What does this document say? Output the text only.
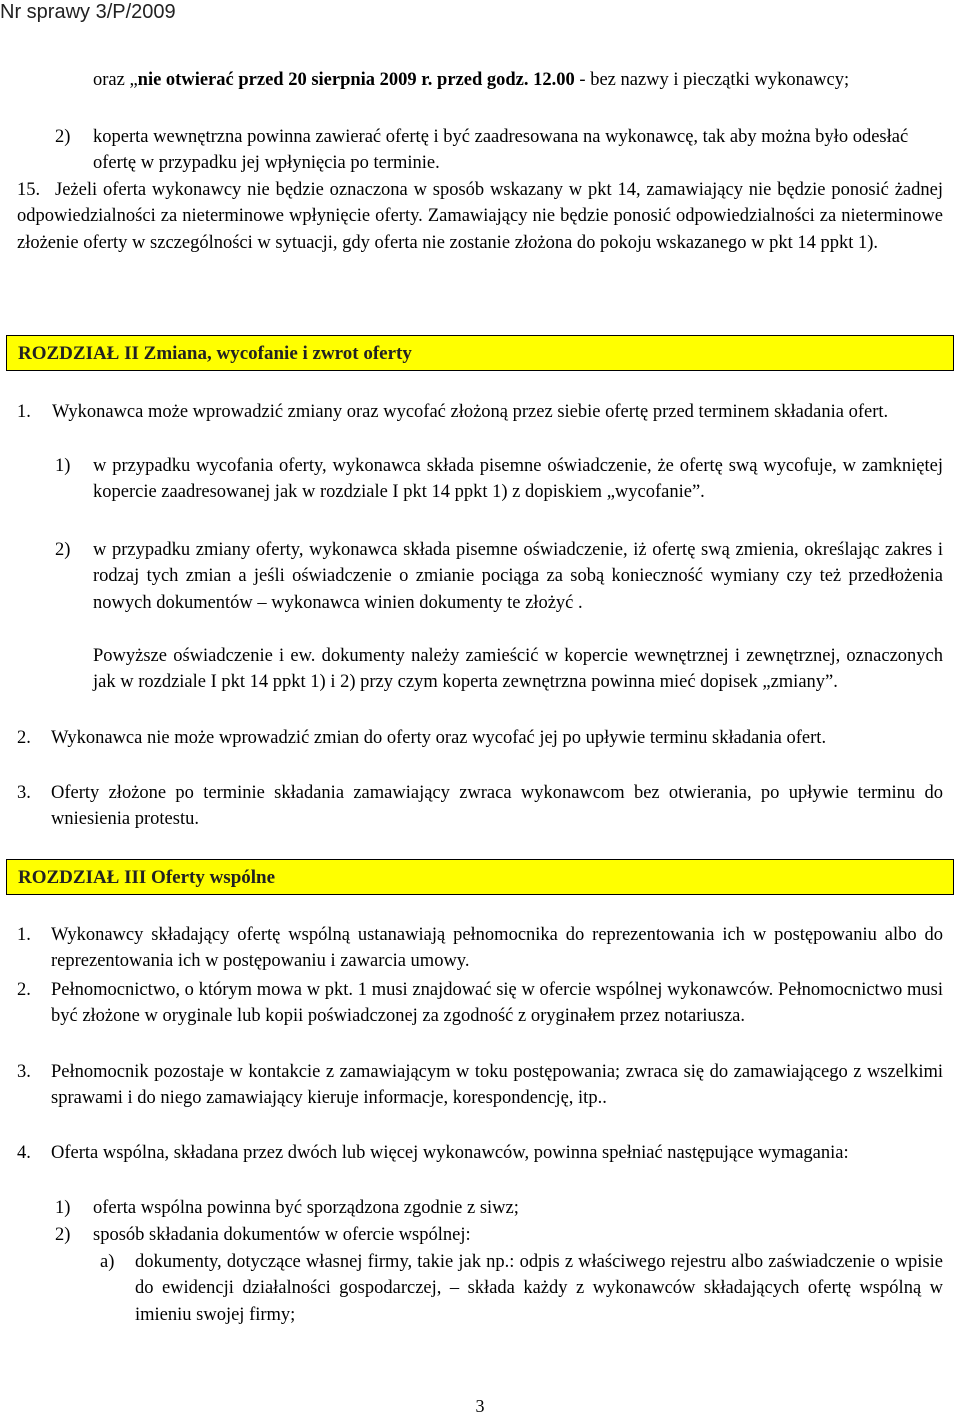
Nr sprawy 3/P/2009
oraz „nie otwierać przed 20 sierpnia 2009 r. przed godz. 12.00 - bez nazwy i pieczątki wykonawcy;
2) koperta wewnętrzna powinna zawierać ofertę i być zaadresowana na wykonawcę, tak aby można było odesłać ofertę w przypadku jej wpłynięcia po terminie.
15. Jeżeli oferta wykonawcy nie będzie oznaczona w sposób wskazany w pkt 14, zamawiający nie będzie ponosić żadnej odpowiedzialności za nieterminowe wpłynięcie oferty. Zamawiający nie będzie ponosić odpowiedzialności za nieterminowe złożenie oferty w szczególności w sytuacji, gdy oferta nie zostanie złożona do pokoju wskazanego w pkt 14 ppkt 1).
ROZDZIAŁ II Zmiana, wycofanie i zwrot oferty
1.	Wykonawca może wprowadzić zmiany oraz wycofać złożoną przez siebie ofertę przed terminem składania ofert.
1) w przypadku wycofania oferty, wykonawca składa pisemne oświadczenie, że ofertę swą wycofuje, w zamkniętej kopercie zaadresowanej jak w rozdziale I pkt 14 ppkt 1) z dopiskiem „wycofanie”.
2) w przypadku zmiany oferty, wykonawca składa pisemne oświadczenie, iż ofertę swą zmienia, określając zakres i rodzaj tych zmian a jeśli oświadczenie o zmianie pociąga za sobą konieczność wymiany czy też przedłożenia nowych dokumentów – wykonawca winien dokumenty te złożyć .
Powyższe oświadczenie i ew. dokumenty należy zamieścić w kopercie wewnętrznej i zewnętrznej, oznaczonych jak w rozdziale I pkt 14 ppkt 1) i 2) przy czym koperta zewnętrzna powinna mieć dopisek „zmiany”.
2. Wykonawca nie może wprowadzić zmian do oferty oraz wycofać jej po upływie terminu składania ofert.
3. Oferty złożone po terminie składania zamawiający zwraca wykonawcom bez otwierania, po upływie terminu do wniesienia protestu.
ROZDZIAŁ III Oferty wspólne
1. Wykonawcy składający ofertę wspólną ustanawiają pełnomocnika do reprezentowania ich w postępowaniu albo do reprezentowania ich w postępowaniu i zawarcia umowy.
2. Pełnomocnictwo, o którym mowa w pkt. 1 musi znajdować się w ofercie wspólnej wykonawców. Pełnomocnictwo musi być złożone w oryginale lub kopii poświadczonej za zgodność z oryginałem przez notariusza.
3. Pełnomocnik pozostaje w kontakcie z zamawiającym w toku postępowania; zwraca się do zamawiającego z wszelkimi sprawami i do niego zamawiający kieruje informacje, korespondencję, itp..
4. Oferta wspólna, składana przez dwóch lub więcej wykonawców, powinna spełniać następujące wymagania:
1) oferta wspólna powinna być sporządzona zgodnie z siwz;
2) sposób składania dokumentów w ofercie wspólnej:
a) dokumenty, dotyczące własnej firmy, takie jak np.: odpis z właściwego rejestru albo zaświadczenie o wpisie do ewidencji działalności gospodarczej, – składa każdy z wykonawców składających ofertę wspólną w imieniu swojej firmy;
3
